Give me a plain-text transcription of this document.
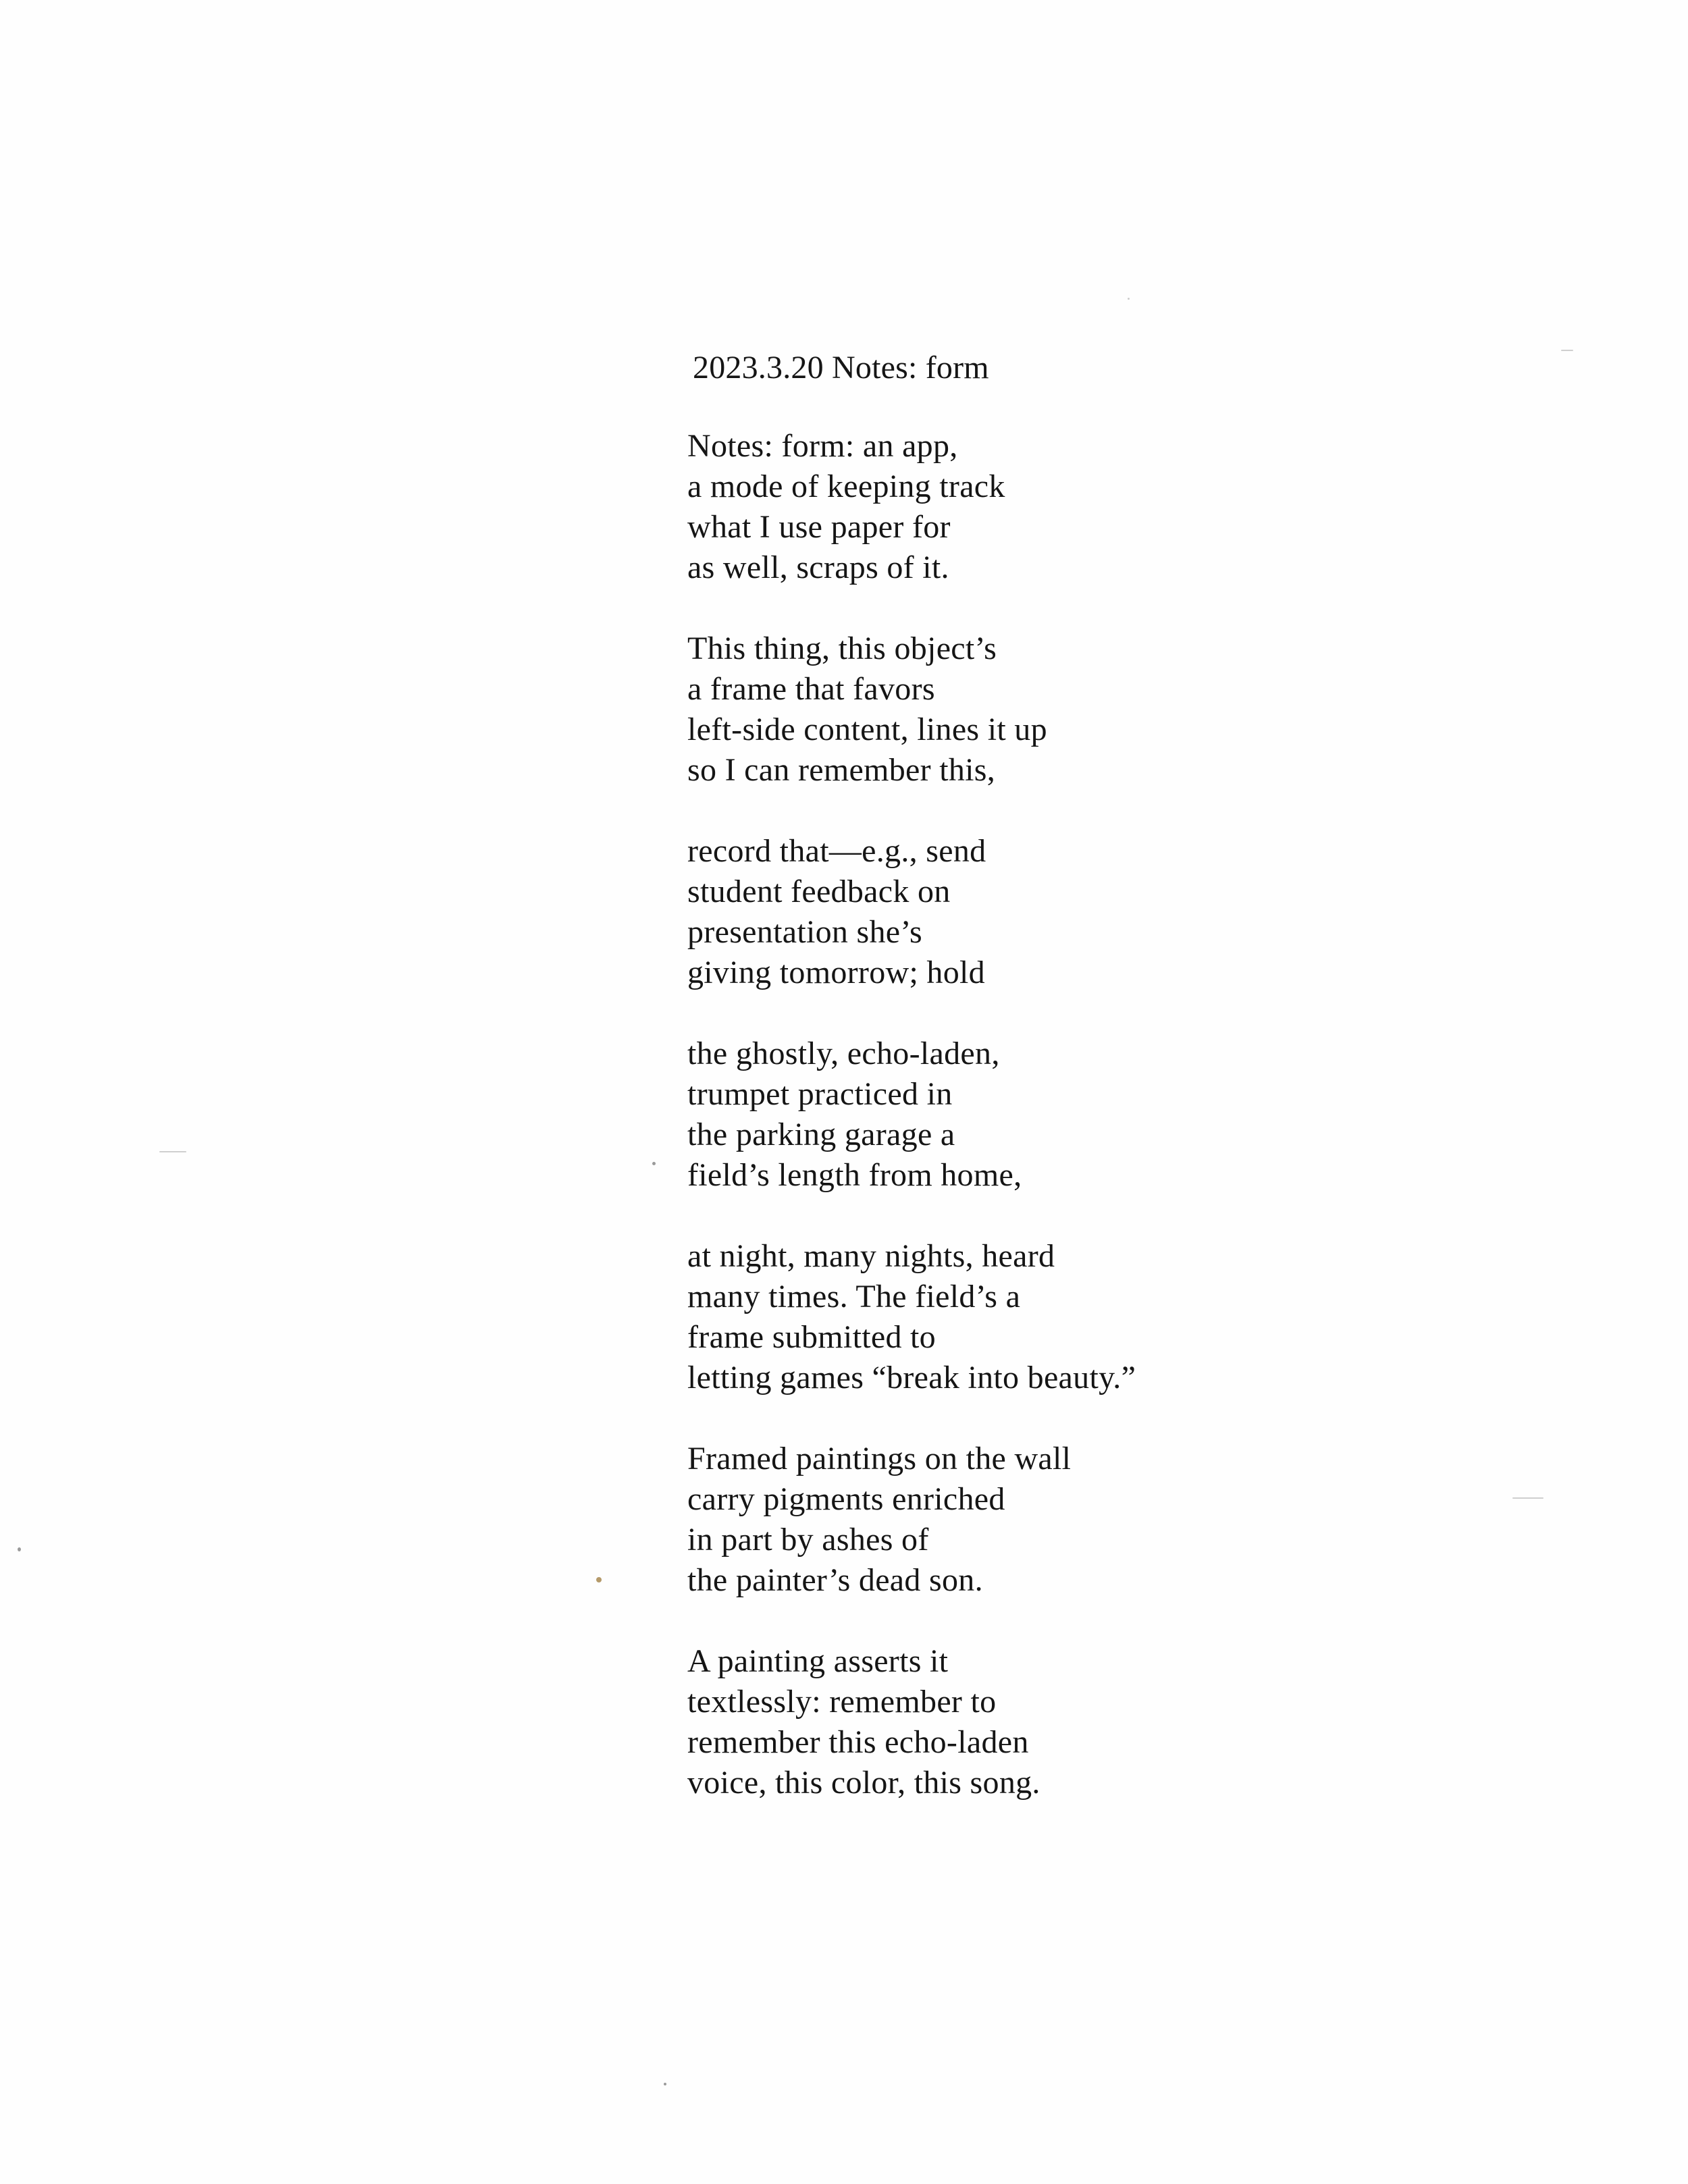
2023.3.20 Notes: form
Notes: form: an app,
a mode of keeping track
what I use paper for
as well, scraps of it.
This thing, this object’s
a frame that favors
left-side content, lines it up
so I can remember this,
record that—e.g., send
student feedback on
presentation she’s
giving tomorrow; hold
the ghostly, echo-laden,
trumpet practiced in
the parking garage a
field’s length from home,
at night, many nights, heard
many times. The field’s a
frame submitted to
letting games “break into beauty.”
Framed paintings on the wall
carry pigments enriched
in part by ashes of
the painter’s dead son.
A painting asserts it
textlessly: remember to
remember this echo-laden
voice, this color, this song.
